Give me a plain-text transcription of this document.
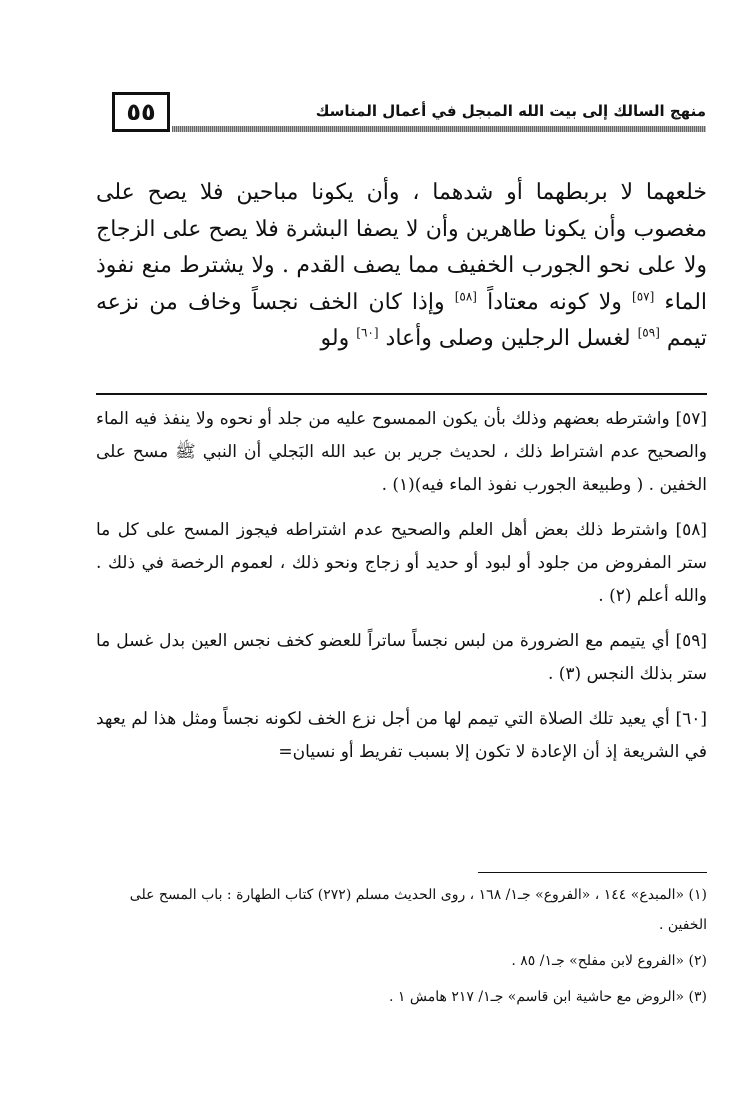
٥٥	منهج السالك إلى بيت الله المبجل في أعمال المناسك

خلعهما لا بربطهما أو شدهما ، وأن يكونا مباحين فلا يصح على مغصوب وأن يكونا طاهرين وأن لا يصفا البشرة فلا يصح على الزجاج ولا على نحو الجورب الخفيف مما يصف القدم . ولا يشترط منع نفوذ الماء [٥٧] ولا كونه معتاداً [٥٨] وإذا كان الخف نجساً وخاف من نزعه تيمم [٥٩] لغسل الرجلين وصلى وأعاد [٦٠] ولو

[٥٧] واشترطه بعضهم وذلك بأن يكون الممسوح عليه من جلد أو نحوه ولا ينفذ فيه الماء والصحيح عدم اشتراط ذلك ، لحديث جرير بن عبد الله البَجلي أن النبي ﷺ مسح على الخفين . ( وطبيعة الجورب نفوذ الماء فيه)(١) .

[٥٨] واشترط ذلك بعض أهل العلم والصحيح عدم اشتراطه فيجوز المسح على كل ما ستر المفروض من جلود أو لبود أو حديد أو زجاج ونحو ذلك ، لعموم الرخصة في ذلك . والله أعلم (٢) .

[٥٩] أي يتيمم مع الضرورة من لبس نجساً ساتراً للعضو كخف نجس العين بدل غسل ما ستر بذلك النجس (٣) .

[٦٠] أي يعيد تلك الصلاة التي تيمم لها من أجل نزع الخف لكونه نجساً ومثل هذا لم يعهد في الشريعة إذ أن الإعادة لا تكون إلا بسبب تفريط أو نسيان=

(١) «المبدع» ١٤٤ ، «الفروع» جـ١/ ١٦٨ ، روى الحديث مسلم (٢٧٢) كتاب الطهارة : باب المسح على الخفين .

(٢) «الفروع لابن مفلح» جـ١/ ٨٥ .

(٣) «الروض مع حاشية ابن قاسم» جـ١/ ٢١٧ هامش ١ .
